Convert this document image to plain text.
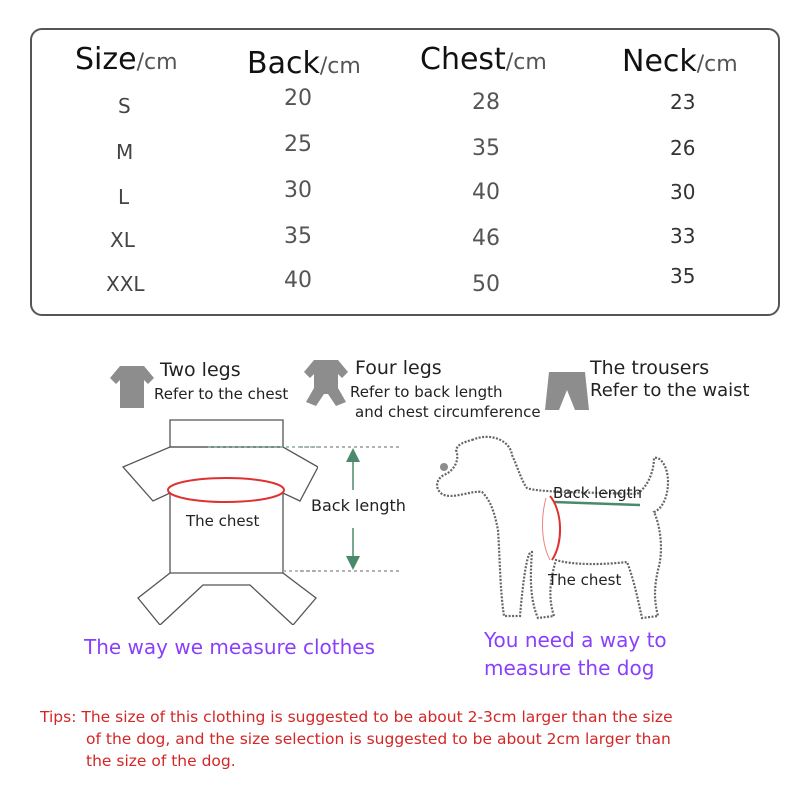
Size/cm Back/cm Chest/cm	Neck/cm
S	20	28	23
M	25	35	26
L	30	40	30
XL	35	46	33
XXL	40	50	35
Two legs
Refer to the chest
Four legs
Refer to back length
and chest circumference
The trousers
Refer to the waist
The chest
Back length
The way we measure clothes
Back length
The chest
You need a way to
measure the dog
Tips: The size of this clothing is suggested to be about 2-3cm larger than the size
of the dog, and the size selection is suggested to be about 2cm larger than
the size of the dog.
